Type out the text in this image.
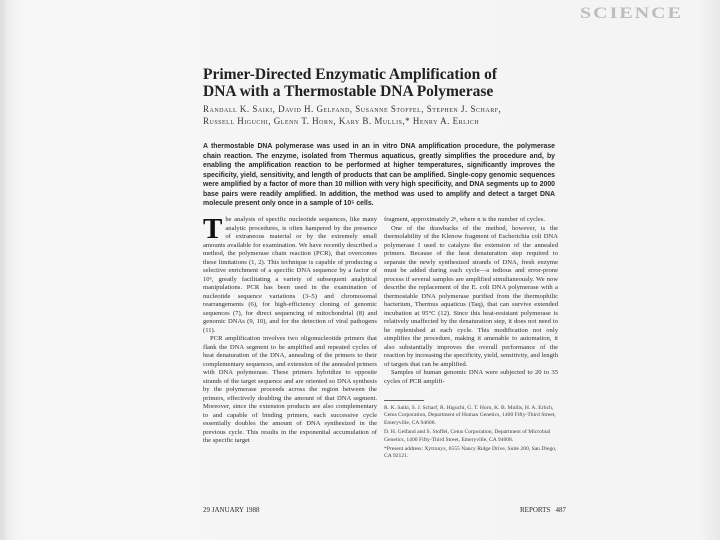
SCIENCE

Primer-Directed Enzymatic Amplification of DNA with a Thermostable DNA Polymerase
Randall K. Saiki, David H. Gelfand, Susanne Stoffel, Stephen J. Scharf, Russell Higuchi, Glenn T. Horn, Kary B. Mullis,* Henry A. Erlich
A thermostable DNA polymerase was used in an in vitro DNA amplification procedure, the polymerase chain reaction. The enzyme, isolated from Thermus aquaticus, greatly simplifies the procedure and, by enabling the amplification reaction to be performed at higher temperatures, significantly improves the specificity, yield, sensitivity, and length of products that can be amplified. Single-copy genomic sequences were amplified by a factor of more than 10 million with very high specificity, and DNA segments up to 2000 base pairs were readily amplified. In addition, the method was used to amplify and detect a target DNA molecule present only once in a sample of 10⁵ cells.

The analysis of specific nucleotide sequences, like many analytic procedures, is often hampered by the presence of extraneous material or by the extremely small amounts available for examination. We have recently described a method, the polymerase chain reaction (PCR), that overcomes these limitations (1, 2). This technique is capable of producing a selective enrichment of a specific DNA sequence by a factor of 10⁶, greatly facilitating a variety of subsequent analytical manipulations. PCR has been used in the examination of nucleotide sequence variations (3–5) and chromosomal rearrangements (6), for high-efficiency cloning of genomic sequences (7), for direct sequencing of mitochondrial (8) and genomic DNAs (9, 10), and for the detection of viral pathogens (11).

PCR amplification involves two oligonucleotide primers that flank the DNA segment to be amplified and repeated cycles of heat denaturation of the DNA, annealing of the primers to their complementary sequences, and extension of the annealed primers with DNA polymerase. These primers hybridize to opposite strands of the target sequence and are oriented so DNA synthesis by the polymerase proceeds across the region between the primers, effectively doubling the amount of that DNA segment. Moreover, since the extension products are also complementary to and capable of binding primers, each successive cycle essentially doubles the amount of DNA synthesized in the previous cycle. This results in the exponential accumulation of the specific target

fragment, approximately 2ⁿ, where n is the number of cycles.

One of the drawbacks of the method, however, is the thermolability of the Klenow fragment of Escherichia coli DNA polymerase I used to catalyze the extension of the annealed primers. Because of the heat denaturation step required to separate the newly synthesized strands of DNA, fresh enzyme must be added during each cycle—a tedious and error-prone process if several samples are amplified simultaneously. We now describe the replacement of the E. coli DNA polymerase with a thermostable DNA polymerase purified from the thermophilic bacterium, Thermus aquaticus (Taq), that can survive extended incubation at 95°C (12). Since this heat-resistant polymerase is relatively unaffected by the denaturation step, it does not need to be replenished at each cycle. This modification not only simplifies the procedure, making it amenable to automation, it also substantially improves the overall performance of the reaction by increasing the specificity, yield, sensitivity, and length of targets that can be amplified.

Samples of human genomic DNA were subjected to 20 to 35 cycles of PCR amplifi-

R. K. Saiki, S. J. Scharf, R. Higuchi, G. T. Horn, K. B. Mullis, H. A. Erlich, Cetus Corporation, Department of Human Genetics, 1400 Fifty-Third Street, Emeryville, CA 94608.

D. H. Gelfand and S. Stoffel, Cetus Corporation, Department of Microbial Genetics, 1400 Fifty-Third Street, Emeryville, CA 94608.

*Present address: Xytronyx, 6555 Nancy Ridge Drive, Suite 200, San Diego, CA 92121.

29 JANUARY 1988	REPORTS   487
